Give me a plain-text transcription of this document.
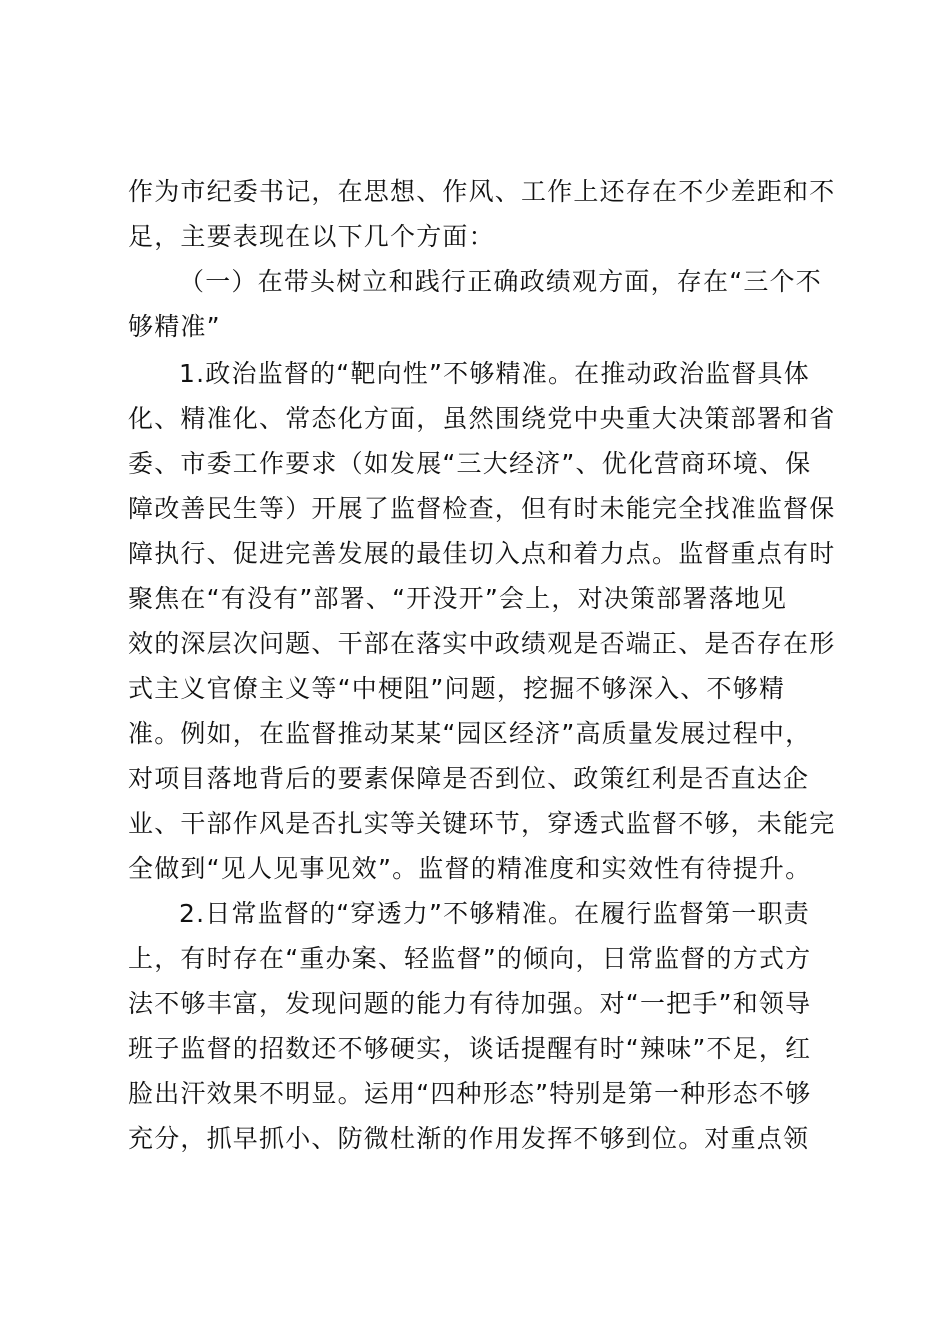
作为市纪委书记，在思想、作风、工作上还存在不少差距和不
足，主要表现在以下几个方面：
（一）在带头树立和践行正确政绩观方面，存在“三个不
够精准”
1.政治监督的“靶向性”不够精准。在推动政治监督具体
化、精准化、常态化方面，虽然围绕党中央重大决策部署和省
委、市委工作要求（如发展“三大经济”、优化营商环境、保
障改善民生等）开展了监督检查，但有时未能完全找准监督保
障执行、促进完善发展的最佳切入点和着力点。监督重点有时
聚焦在“有没有”部署、“开没开”会上，对决策部署落地见
效的深层次问题、干部在落实中政绩观是否端正、是否存在形
式主义官僚主义等“中梗阻”问题，挖掘不够深入、不够精
准。例如，在监督推动某某“园区经济”高质量发展过程中，
对项目落地背后的要素保障是否到位、政策红利是否直达企
业、干部作风是否扎实等关键环节，穿透式监督不够，未能完
全做到“见人见事见效”。监督的精准度和实效性有待提升。
2.日常监督的“穿透力”不够精准。在履行监督第一职责
上，有时存在“重办案、轻监督”的倾向，日常监督的方式方
法不够丰富，发现问题的能力有待加强。对“一把手”和领导
班子监督的招数还不够硬实，谈话提醒有时“辣味”不足，红
脸出汗效果不明显。运用“四种形态”特别是第一种形态不够
充分，抓早抓小、防微杜渐的作用发挥不够到位。对重点领
